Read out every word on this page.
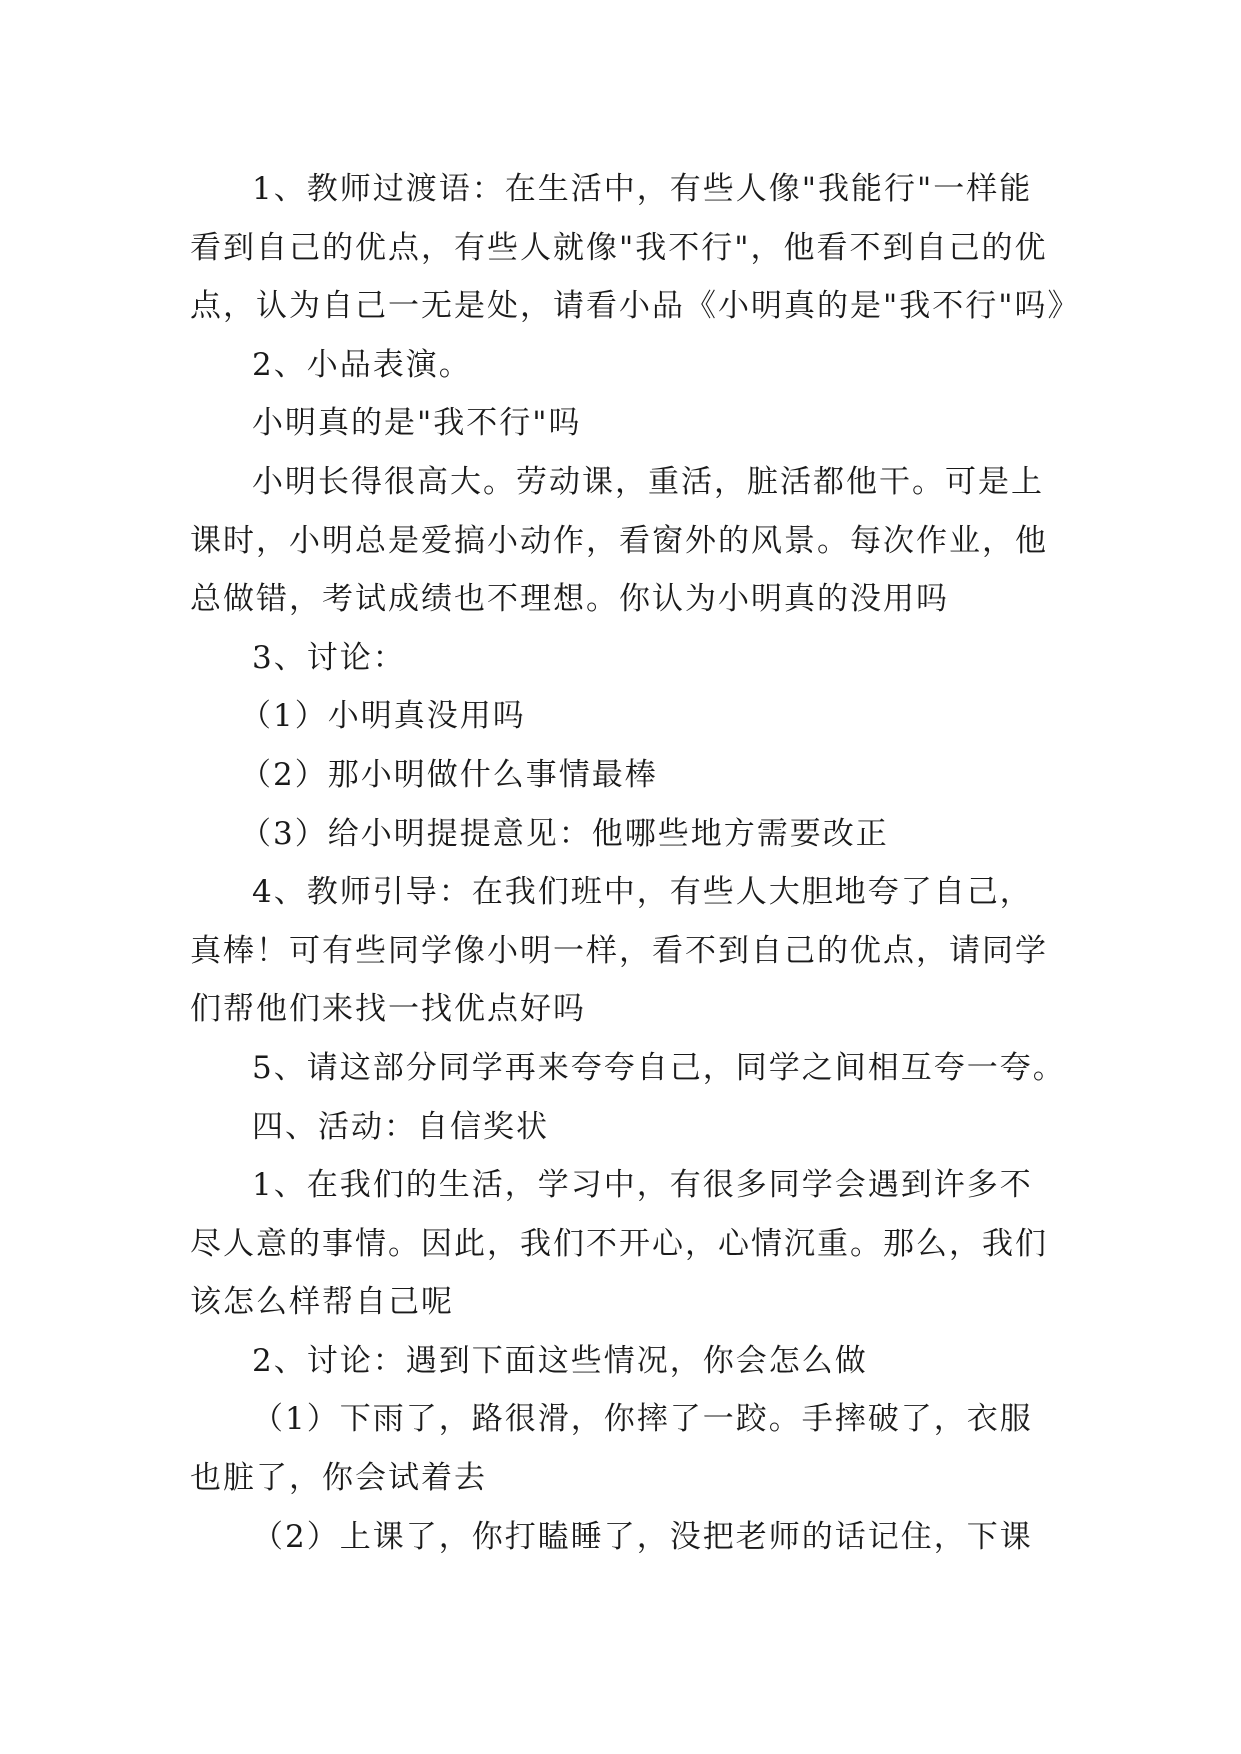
1、教师过渡语：在生活中，有些人像"我能行"一样能
看到自己的优点，有些人就像"我不行"，他看不到自己的优
点，认为自己一无是处，请看小品《小明真的是"我不行"吗》
2、小品表演。
小明真的是"我不行"吗
小明长得很高大。劳动课，重活，脏活都他干。可是上
课时，小明总是爱搞小动作，看窗外的风景。每次作业，他
总做错，考试成绩也不理想。你认为小明真的没用吗
3、讨论：
（1）小明真没用吗
（2）那小明做什么事情最棒
（3）给小明提提意见：他哪些地方需要改正
4、教师引导：在我们班中，有些人大胆地夸了自己，
真棒！可有些同学像小明一样，看不到自己的优点，请同学
们帮他们来找一找优点好吗
5、请这部分同学再来夸夸自己，同学之间相互夸一夸。
四、活动：自信奖状
1、在我们的生活，学习中，有很多同学会遇到许多不
尽人意的事情。因此，我们不开心，心情沉重。那么，我们
该怎么样帮自己呢
2、讨论：遇到下面这些情况，你会怎么做
（1）下雨了，路很滑，你摔了一跤。手摔破了，衣服
也脏了，你会试着去
（2）上课了，你打瞌睡了，没把老师的话记住，下课
